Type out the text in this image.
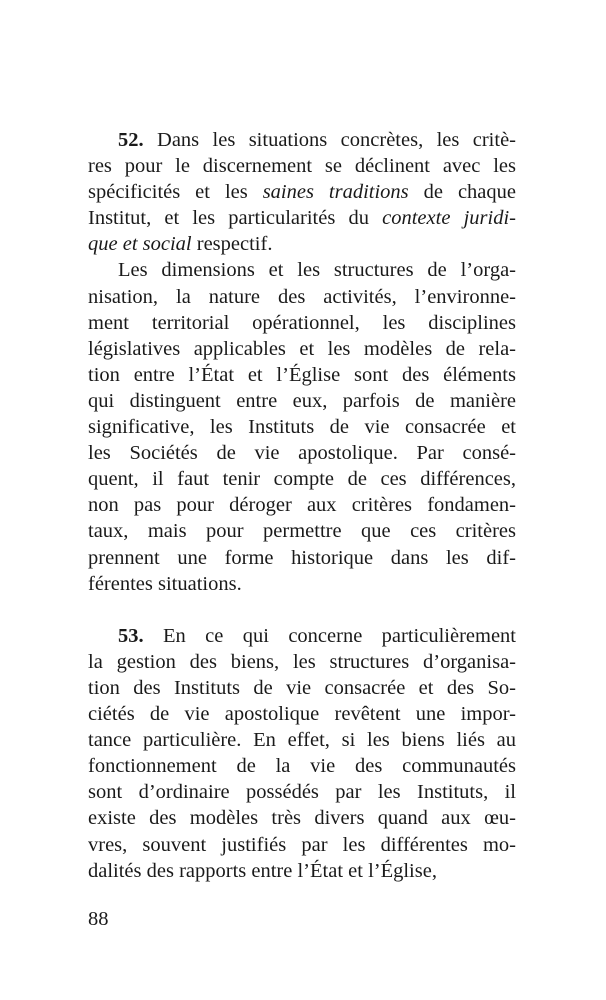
52. Dans les situations concrètes, les critè-
res pour le discernement se déclinent avec les
spécificités et les saines traditions de chaque
Institut, et les particularités du contexte juridi-
que et social respectif.
Les dimensions et les structures de l’orga-
nisation, la nature des activités, l’environne-
ment territorial opérationnel, les disciplines
législatives applicables et les modèles de rela-
tion entre l’État et l’Église sont des éléments
qui distinguent entre eux, parfois de manière
significative, les Instituts de vie consacrée et
les Sociétés de vie apostolique. Par consé-
quent, il faut tenir compte de ces différences,
non pas pour déroger aux critères fondamen-
taux, mais pour permettre que ces critères
prennent une forme historique dans les dif-
férentes situations.
53. En ce qui concerne particulièrement
la gestion des biens, les structures d’organisa-
tion des Instituts de vie consacrée et des So-
ciétés de vie apostolique revêtent une impor-
tance particulière. En effet, si les biens liés au
fonctionnement de la vie des communautés
sont d’ordinaire possédés par les Instituts, il
existe des modèles très divers quand aux œu-
vres, souvent justifiés par les différentes mo-
dalités des rapports entre l’État et l’Église,
88
